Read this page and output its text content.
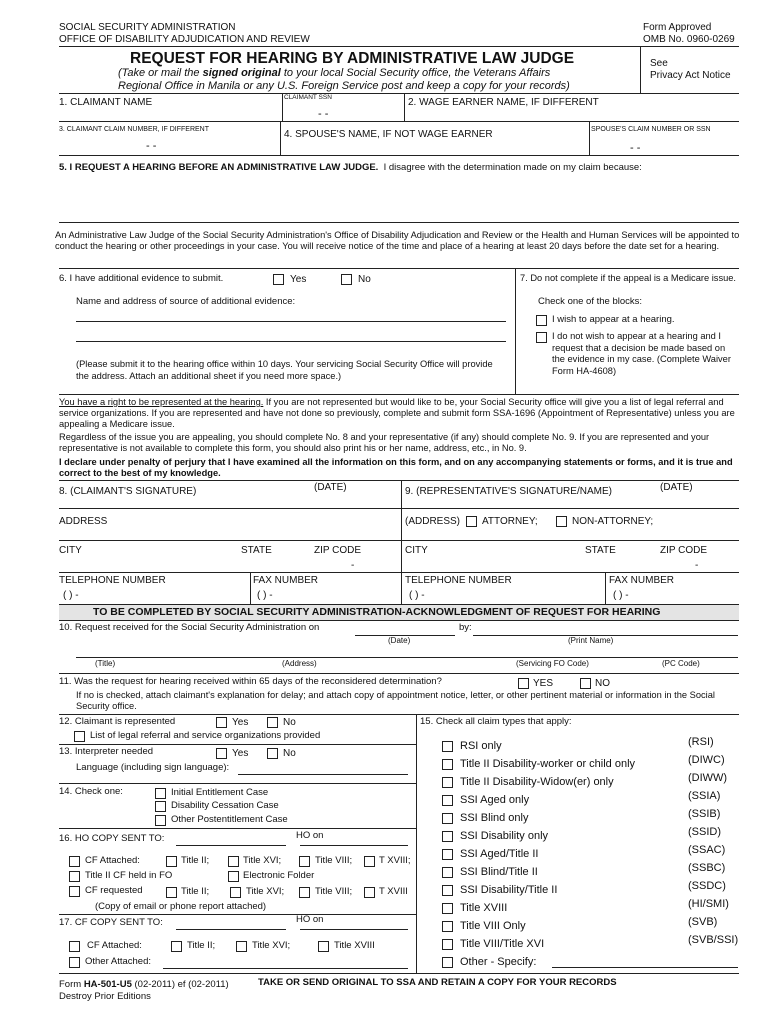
SOCIAL SECURITY ADMINISTRATION
OFFICE OF DISABILITY ADJUDICATION AND REVIEW
Form Approved
OMB No. 0960-0269
REQUEST FOR HEARING BY ADMINISTRATIVE LAW JUDGE
(Take or mail the signed original to your local Social Security office, the Veterans Affairs
Regional Office in Manila or any U.S. Foreign Service post and keep a copy for your records)
See
Privacy Act Notice
1. CLAIMANT NAME	CLAIMANT SSN
- -
2. WAGE EARNER NAME, IF DIFFERENT
3. CLAIMANT CLAIM NUMBER, IF DIFFERENT
- -
4. SPOUSE'S NAME, IF NOT WAGE EARNER	SPOUSE'S CLAIM NUMBER OR SSN
- -
5. I REQUEST A HEARING BEFORE AN ADMINISTRATIVE LAW JUDGE. I disagree with the determination made on my claim because:
An Administrative Law Judge of the Social Security Administration's Office of Disability Adjudication and Review or the Health and Human Services will be appointed to conduct the hearing or other proceedings in your case. You will receive notice of the time and place of a hearing at least 20 days before the date set for a hearing.
6. I have additional evidence to submit.	Yes	No
Name and address of source of additional evidence:
(Please submit it to the hearing office within 10 days. Your servicing Social Security Office will provide the address. Attach an additional sheet if you need more space.)
7. Do not complete if the appeal is a Medicare issue.
Check one of the blocks:
I wish to appear at a hearing.
I do not wish to appear at a hearing and I request that a decision be made based on the evidence in my case. (Complete Waiver Form HA-4608)
You have a right to be represented at the hearing. If you are not represented but would like to be, your Social Security office will give you a list of legal referral and service organizations. If you are represented and have not done so previously, complete and submit form SSA-1696 (Appointment of Representative) unless you are appealing a Medicare issue.
Regardless of the issue you are appealing, you should complete No. 8 and your representative (if any) should complete No. 9. If you are represented and your representative is not available to complete this form, you should also print his or her name, address, etc., in No. 9.
I declare under penalty of perjury that I have examined all the information on this form, and on any accompanying statements or forms, and it is true and correct to the best of my knowledge.
8. (CLAIMANT'S SIGNATURE)	(DATE)	9. (REPRESENTATIVE'S SIGNATURE/NAME)	(DATE)
ADDRESS	(ADDRESS) ATTORNEY;	NON-ATTORNEY;
CITY	STATE	ZIP CODE
-
CITY	STATE	ZIP CODE
-
TELEPHONE NUMBER
( ) -
FAX NUMBER
( ) -
TELEPHONE NUMBER
( ) -
FAX NUMBER
( ) -
TO BE COMPLETED BY SOCIAL SECURITY ADMINISTRATION-ACKNOWLEDGMENT OF REQUEST FOR HEARING
10. Request received for the Social Security Administration on	by:
(Date)	(Print Name)
(Title)	(Address)	(Servicing FO Code)	(PC Code)
11. Was the request for hearing received within 65 days of the reconsidered determination?	YES	NO
If no is checked, attach claimant's explanation for delay; and attach copy of appointment notice, letter, or other pertinent material or information in the Social Security office.
12. Claimant is represented	Yes	No
List of legal referral and service organizations provided
13. Interpreter needed	Yes	No
Language (including sign language):
14. Check one:	Initial Entitlement Case
Disability Cessation Case
Other Postentitlement Case
16. HO COPY SENT TO:	HO on
CF Attached:	Title II;	Title XVI;	Title VIII;	T XVIII;
Title II CF held in FO	Electronic Folder
CF requested	Title II;	Title XVI;	Title VIII;	T XVIII
(Copy of email or phone report attached)
17. CF COPY SENT TO:	HO on
CF Attached:	Title II;	Title XVI;	Title XVIII
Other Attached:
15. Check all claim types that apply:
RSI only	(RSI)
Title II Disability-worker or child only	(DIWC)
Title II Disability-Widow(er) only	(DIWW)
SSI Aged only	(SSIA)
SSI Blind only	(SSIB)
SSI Disability only	(SSID)
SSI Aged/Title II	(SSAC)
SSI Blind/Title II	(SSBC)
SSI Disability/Title II	(SSDC)
Title XVIII	(HI/SMI)
Title VIII Only	(SVB)
Title VIII/Title XVI	(SVB/SSI)
Other - Specify:
Form HA-501-U5 (02-2011) ef (02-2011)
Destroy Prior Editions
TAKE OR SEND ORIGINAL TO SSA AND RETAIN A COPY FOR YOUR RECORDS
